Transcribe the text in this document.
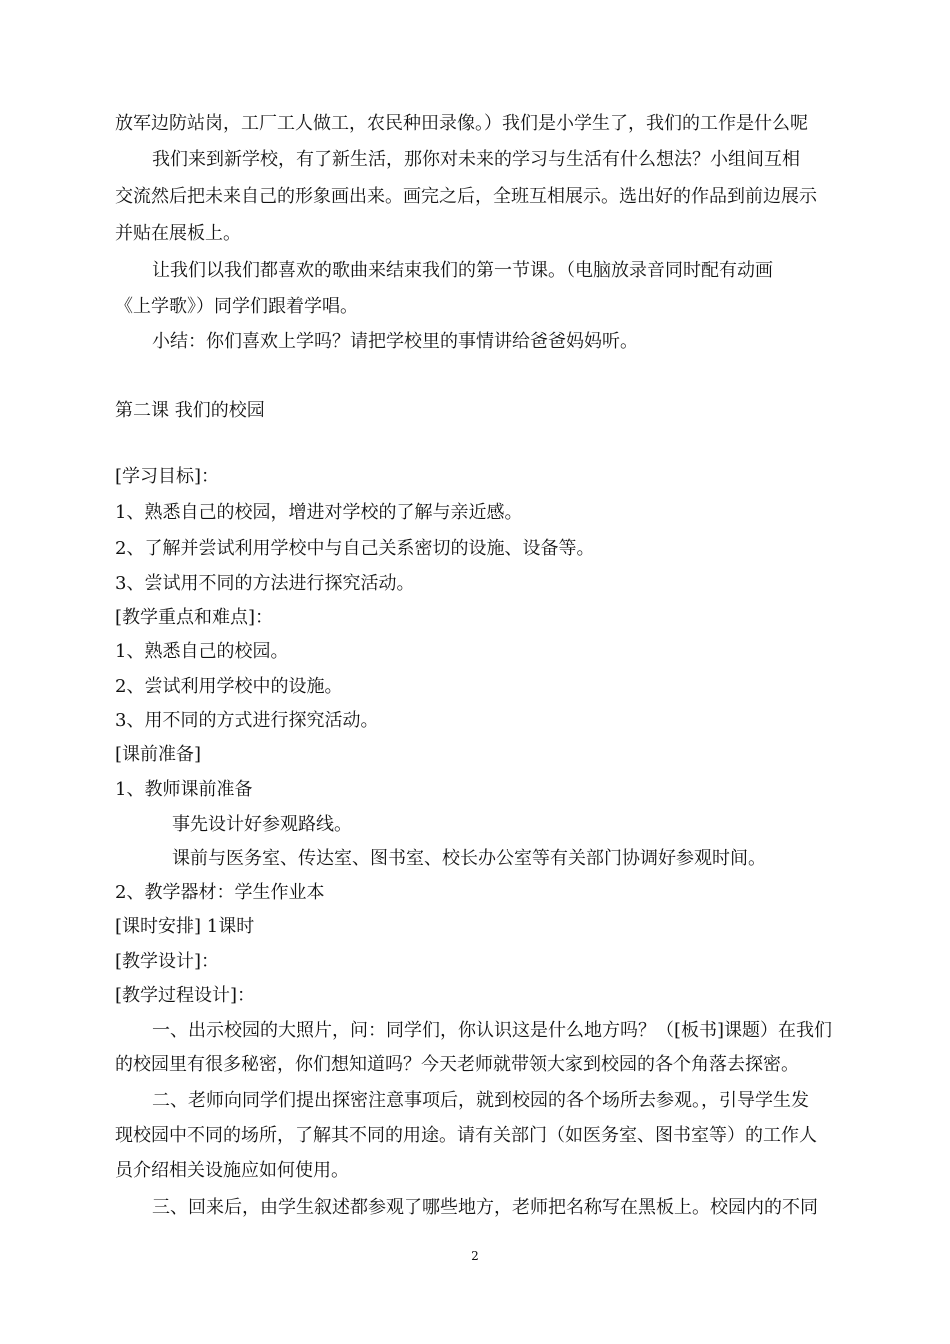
放军边防站岗，工厂工人做工，农民种田录像。）我们是小学生了，我们的工作是什么呢
我们来到新学校，有了新生活，那你对未来的学习与生活有什么想法？小组间互相
交流然后把未来自己的形象画出来。画完之后，全班互相展示。选出好的作品到前边展示
并贴在展板上。
让我们以我们都喜欢的歌曲来结束我们的第一节课。（电脑放录音同时配有动画
《上学歌》）同学们跟着学唱。
小结：你们喜欢上学吗？请把学校里的事情讲给爸爸妈妈听。
第二课 我们的校园
[学习目标]：
1、熟悉自己的校园，增进对学校的了解与亲近感。
2、了解并尝试利用学校中与自己关系密切的设施、设备等。
3、尝试用不同的方法进行探究活动。
[教学重点和难点]：
1、熟悉自己的校园。
2、尝试利用学校中的设施。
3、用不同的方式进行探究活动。
[课前准备]
1、教师课前准备
事先设计好参观路线。
课前与医务室、传达室、图书室、校长办公室等有关部门协调好参观时间。
2、教学器材：学生作业本
[课时安排] 1课时
[教学设计]：
[教学过程设计]：
一、出示校园的大照片，问：同学们，你认识这是什么地方吗？（[板书]课题）在我们
的校园里有很多秘密，你们想知道吗？今天老师就带领大家到校园的各个角落去探密。
二、老师向同学们提出探密注意事项后，就到校园的各个场所去参观。，引导学生发
现校园中不同的场所，了解其不同的用途。请有关部门（如医务室、图书室等）的工作人
员介绍相关设施应如何使用。
三、回来后，由学生叙述都参观了哪些地方，老师把名称写在黑板上。校园内的不同
2
